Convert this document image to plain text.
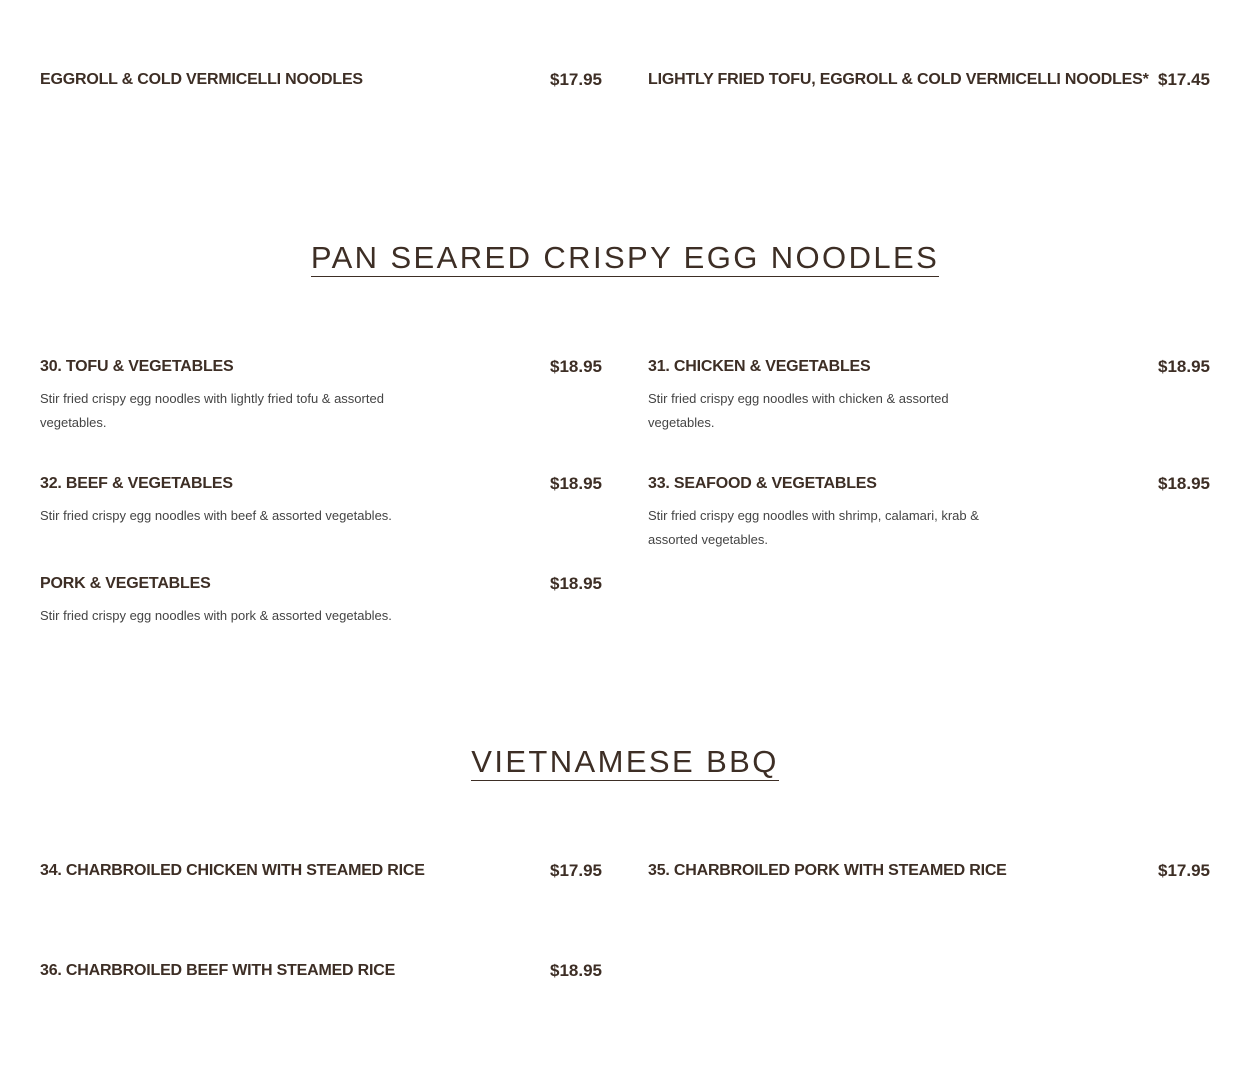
EGGROLL & COLD VERMICELLI NOODLES	$17.95	LIGHTLY FRIED TOFU, EGGROLL & COLD VERMICELLI NOODLES* $17.45
PAN SEARED CRISPY EGG NOODLES
30. TOFU & VEGETABLES	$18.95
Stir fried crispy egg noodles with lightly fried tofu & assorted vegetables.
31. CHICKEN & VEGETABLES	$18.95
Stir fried crispy egg noodles with chicken & assorted vegetables.
32. BEEF & VEGETABLES	$18.95
Stir fried crispy egg noodles with beef & assorted vegetables.
33. SEAFOOD & VEGETABLES	$18.95
Stir fried crispy egg noodles with shrimp, calamari, krab & assorted vegetables.
PORK & VEGETABLES	$18.95
Stir fried crispy egg noodles with pork & assorted vegetables.
VIETNAMESE BBQ
34. CHARBROILED CHICKEN WITH STEAMED RICE	$17.95	35. CHARBROILED PORK WITH STEAMED RICE	$17.95
36. CHARBROILED BEEF WITH STEAMED RICE	$18.95
